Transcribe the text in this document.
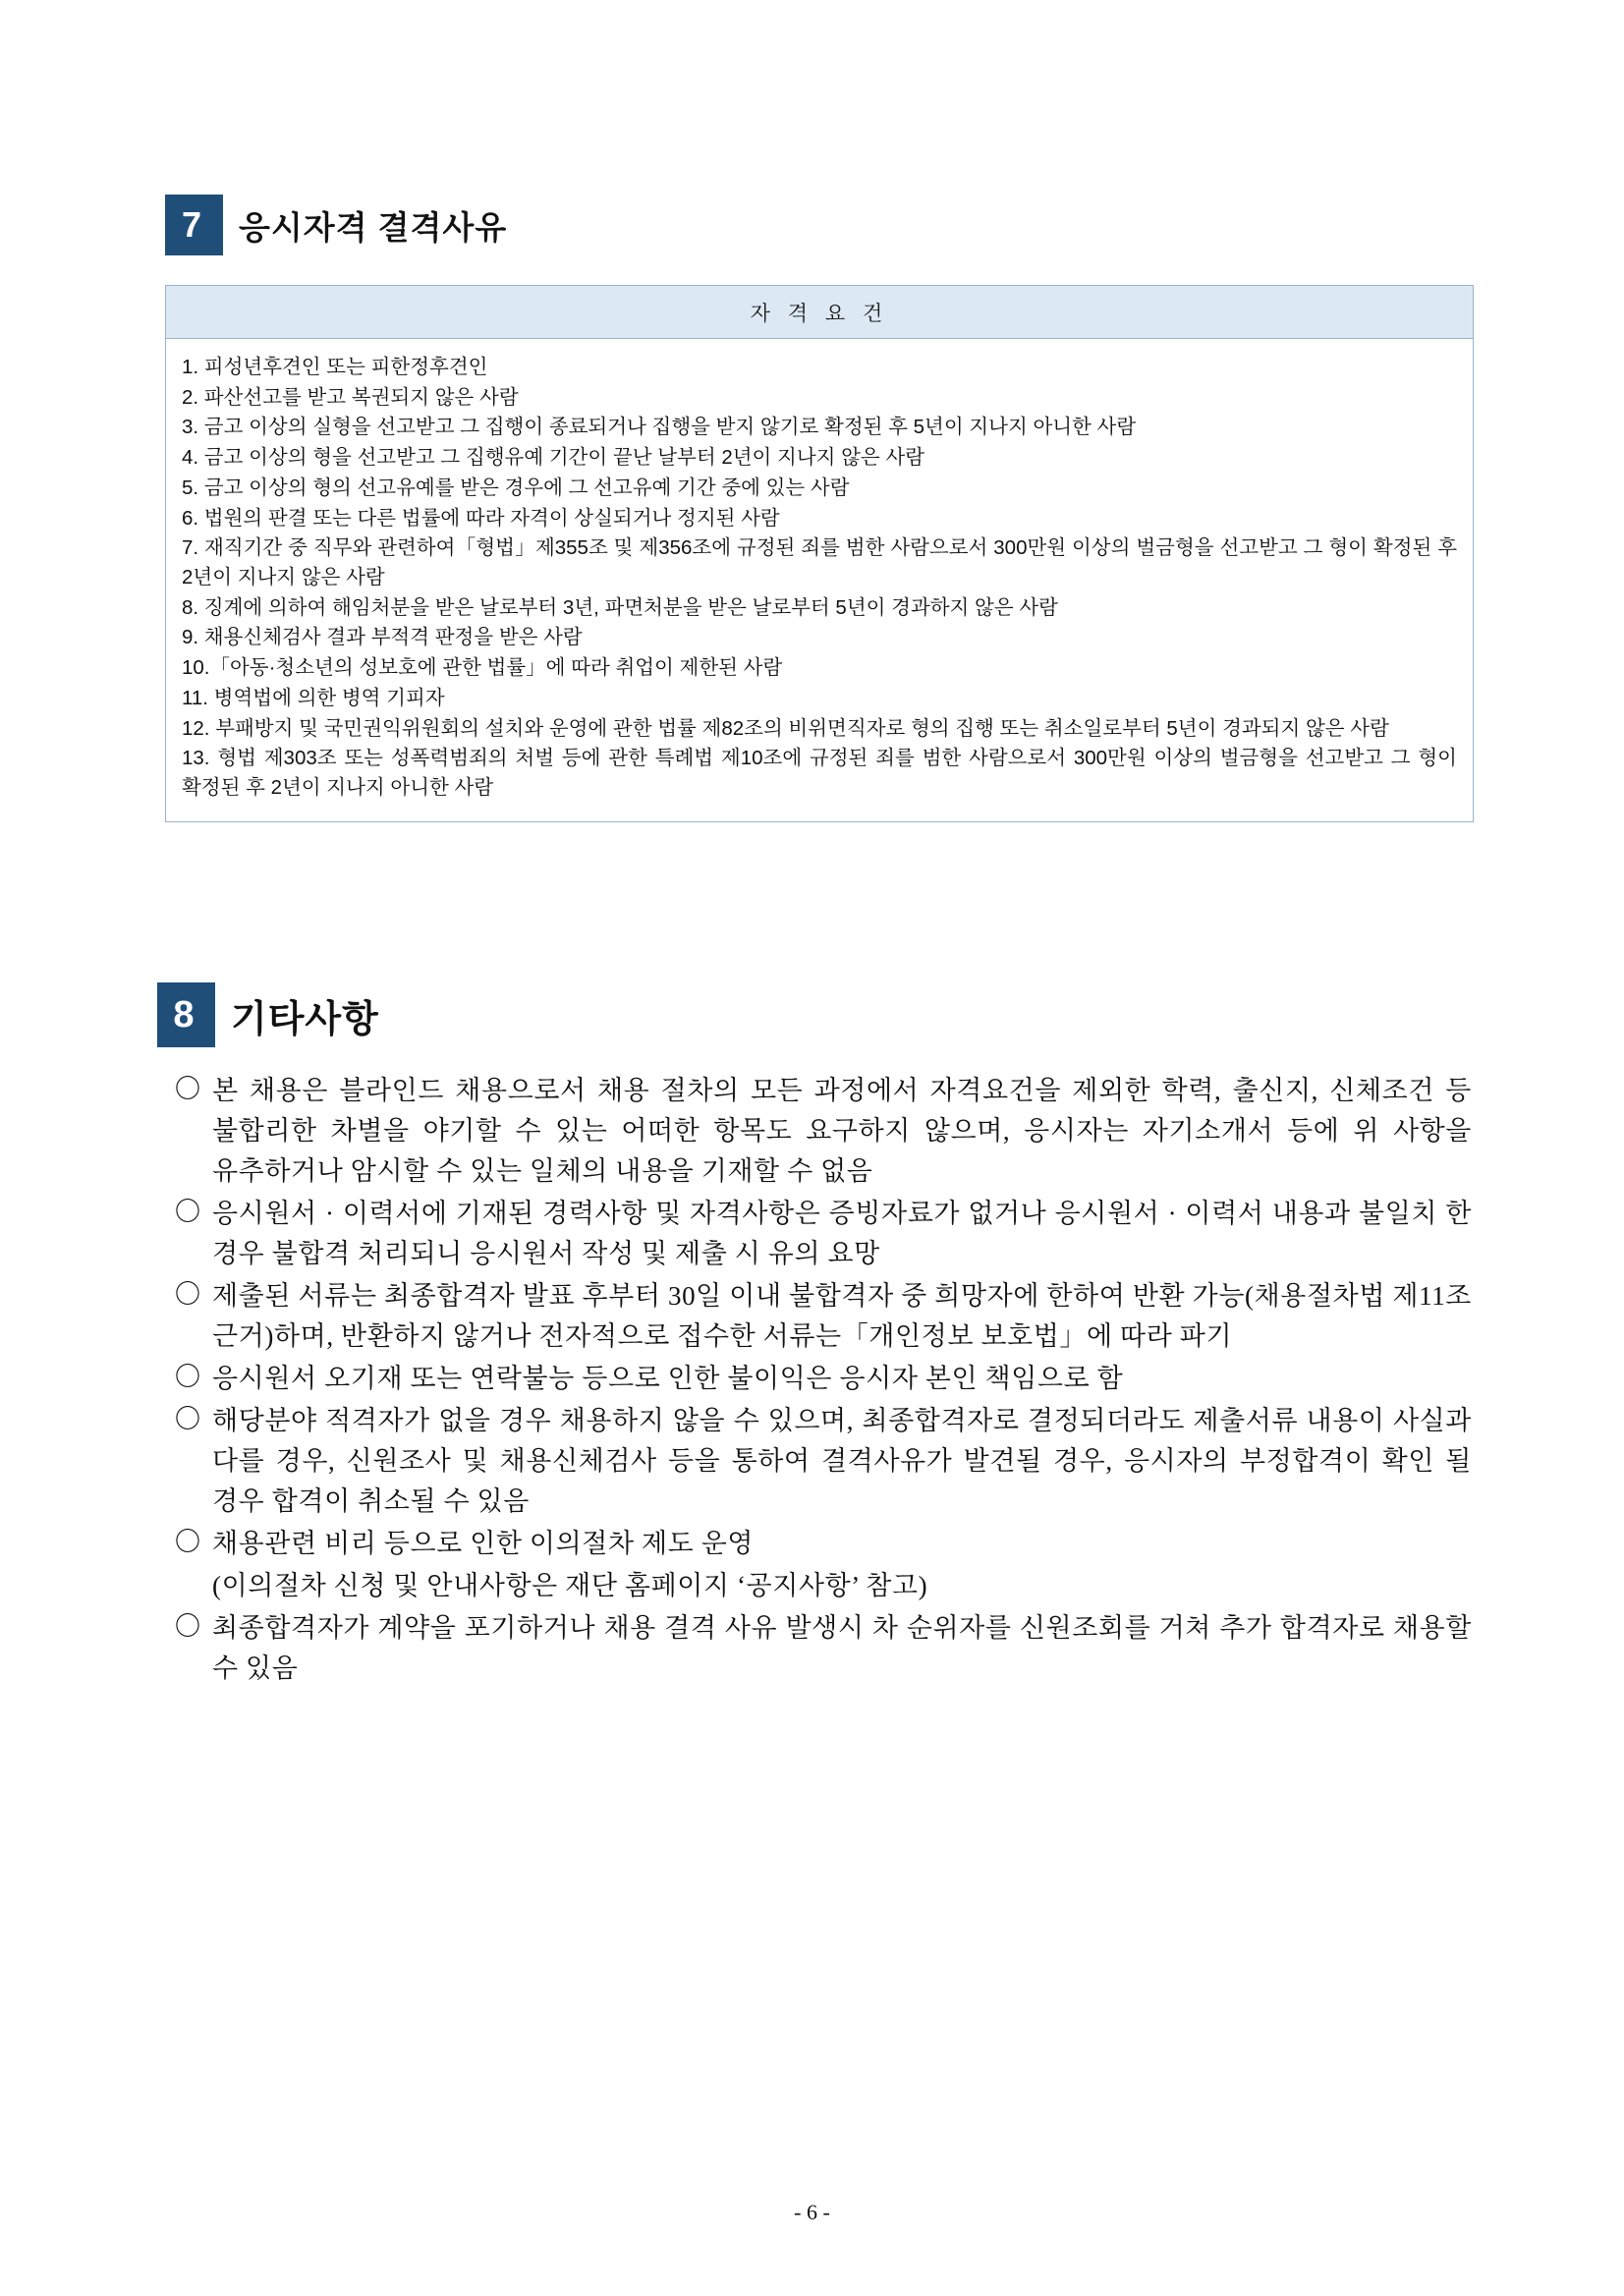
7	응시자격 결격사유
자 격 요 건

1. 피성년후견인 또는 피한정후견인

2. 파산선고를 받고 복권되지 않은 사람

3. 금고 이상의 실형을 선고받고 그 집행이 종료되거나 집행을 받지 않기로 확정된 후 5년이 지나지 아니한 사람

4. 금고 이상의 형을 선고받고 그 집행유예 기간이 끝난 날부터 2년이 지나지 않은 사람

5. 금고 이상의 형의 선고유예를 받은 경우에 그 선고유예 기간 중에 있는 사람

6. 법원의 판결 또는 다른 법률에 따라 자격이 상실되거나 정지된 사람

7. 재직기간 중 직무와 관련하여「형법」제355조 및 제356조에 규정된 죄를 범한 사람으로서 300만원 이상의 벌금형을 선고받고 그 형이 확정된 후 2년이 지나지 않은 사람

8. 징계에 의하여 해임처분을 받은 날로부터 3년, 파면처분을 받은 날로부터 5년이 경과하지 않은 사람

9. 채용신체검사 결과 부적격 판정을 받은 사람

10.「아동·청소년의 성보호에 관한 법률」에 따라 취업이 제한된 사람

11. 병역법에 의한 병역 기피자

12. 부패방지 및 국민권익위원회의 설치와 운영에 관한 법률 제82조의 비위면직자로 형의 집행 또는 취소일로부터 5년이 경과되지 않은 사람

13. 형법 제303조 또는 성폭력범죄의 처벌 등에 관한 특례법 제10조에 규정된 죄를 범한 사람으로서 300만원 이상의 벌금형을 선고받고 그 형이 확정된 후 2년이 지나지 아니한 사람

8 기타사항
〇 본 채용은 블라인드 채용으로서 채용 절차의 모든 과정에서 자격요건을 제외한 학력, 출신지, 신체조건 등 불합리한 차별을 야기할 수 있는 어떠한 항목도 요구하지 않으며, 응시자는 자기소개서 등에 위 사항을 유추하거나 암시할 수 있는 일체의 내용을 기재할 수 없음
〇 응시원서 · 이력서에 기재된 경력사항 및 자격사항은 증빙자료가 없거나 응시원서 · 이력서 내용과 불일치 한 경우 불합격 처리되니 응시원서 작성 및 제출 시 유의 요망
〇 제출된 서류는 최종합격자 발표 후부터 30일 이내 불합격자 중 희망자에 한하여 반환 가능(채용절차법 제11조 근거)하며, 반환하지 않거나 전자적으로 접수한 서류는「개인정보 보호법」에 따라 파기
〇 응시원서 오기재 또는 연락불능 등으로 인한 불이익은 응시자 본인 책임으로 함
〇 해당분야 적격자가 없을 경우 채용하지 않을 수 있으며, 최종합격자로 결정되더라도 제출서류 내용이 사실과 다를 경우, 신원조사 및 채용신체검사 등을 통하여 결격사유가 발견될 경우, 응시자의 부정합격이 확인 될 경우 합격이 취소될 수 있음
〇 채용관련 비리 등으로 인한 이의절차 제도 운영
(이의절차 신청 및 안내사항은 재단 홈페이지 ‘공지사항’ 참고)
〇 최종합격자가 계약을 포기하거나 채용 결격 사유 발생시 차 순위자를 신원조회를 거쳐 추가 합격자로 채용할 수 있음
- 6 -
